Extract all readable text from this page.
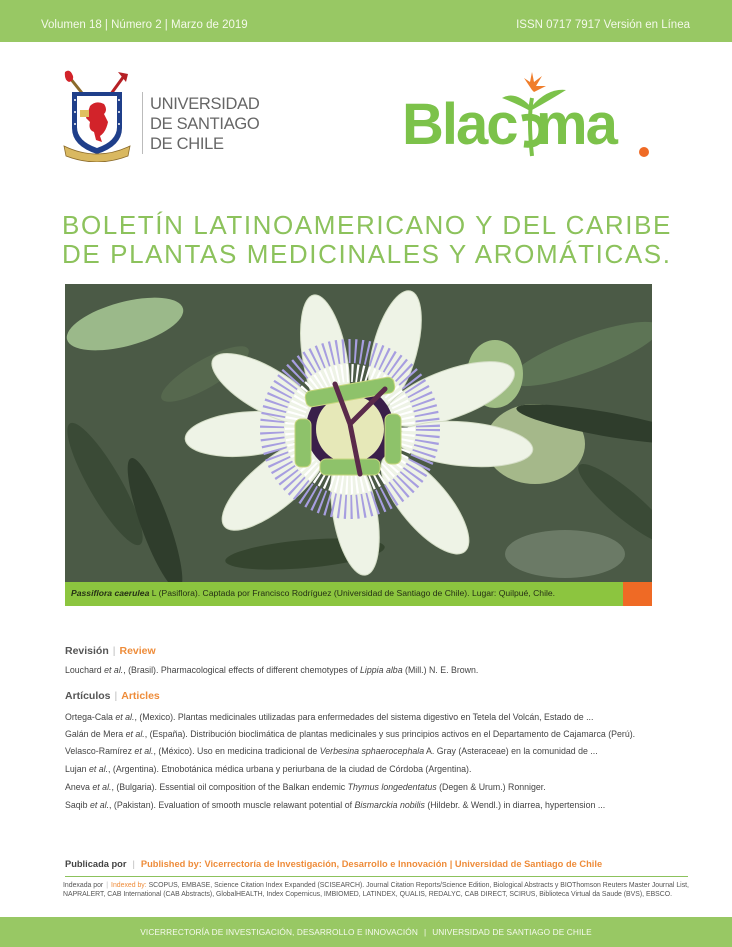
Volumen 18 | Número 2 | Marzo de 2019	ISSN 0717 7917 Versión en Línea
UNIVERSIDAD
DE SANTIAGO
DE CHILE	Blac ma
BOLETÍN LATINOAMERICANO Y DEL CARIBE
DE PLANTAS MEDICINALES Y AROMÁTICAS.
Passiflora caerulea L (Pasiflora). Captada por Francisco Rodríguez (Universidad de Santiago de Chile). Lugar: Quilpué, Chile.
Revisión | Review
Louchard et al., (Brasil). Pharmacological effects of different chemotypes of Lippia alba (Mill.) N. E. Brown.
Artículos | Articles
Ortega-Cala et al., (Mexico). Plantas medicinales utilizadas para enfermedades del sistema digestivo en Tetela del Volcán, Estado de ...
Galán de Mera et al., (España). Distribución bioclimática de plantas medicinales y sus principios activos en el Departamento de Cajamarca (Perú).
Velasco-Ramírez et al., (México). Uso en medicina tradicional de Verbesina sphaerocephala A. Gray (Asteraceae) en la comunidad de ...
Lujan et al., (Argentina). Etnobotánica médica urbana y periurbana de la ciudad de Córdoba (Argentina).
Aneva et al., (Bulgaria). Essential oil composition of the Balkan endemic Thymus longedentatus (Degen & Urum.) Ronniger.
Saqib et al., (Pakistan). Evaluation of smooth muscle relawant potential of Bismarckia nobilis (Hildebr. & Wendl.) in diarrea, hypertension ...
Publicada por | Published by: Vicerrectoría de Investigación, Desarrollo e Innovación | Universidad de Santiago de Chile
Indexada por | Indexed by: SCOPUS, EMBASE, Science Citation Index Expanded (SCISEARCH). Journal Citation Reports/Science Edition, Biological Abstracts y BIOThomson Reuters Master Journal List, NAPRALERT, CAB International (CAB Abstracts), GlobalHEALTH, Index Copernicus, IMBIOMED, LATINDEX, QUALIS, REDALYC, CAB DIRECT, SCIRUS, Biblioteca Virtual da Saude (BVS), EBSCO.
VICERRECTORÍA DE INVESTIGACIÓN, DESARROLLO E INNOVACIÓN | UNIVERSIDAD DE SANTIAGO DE CHILE
